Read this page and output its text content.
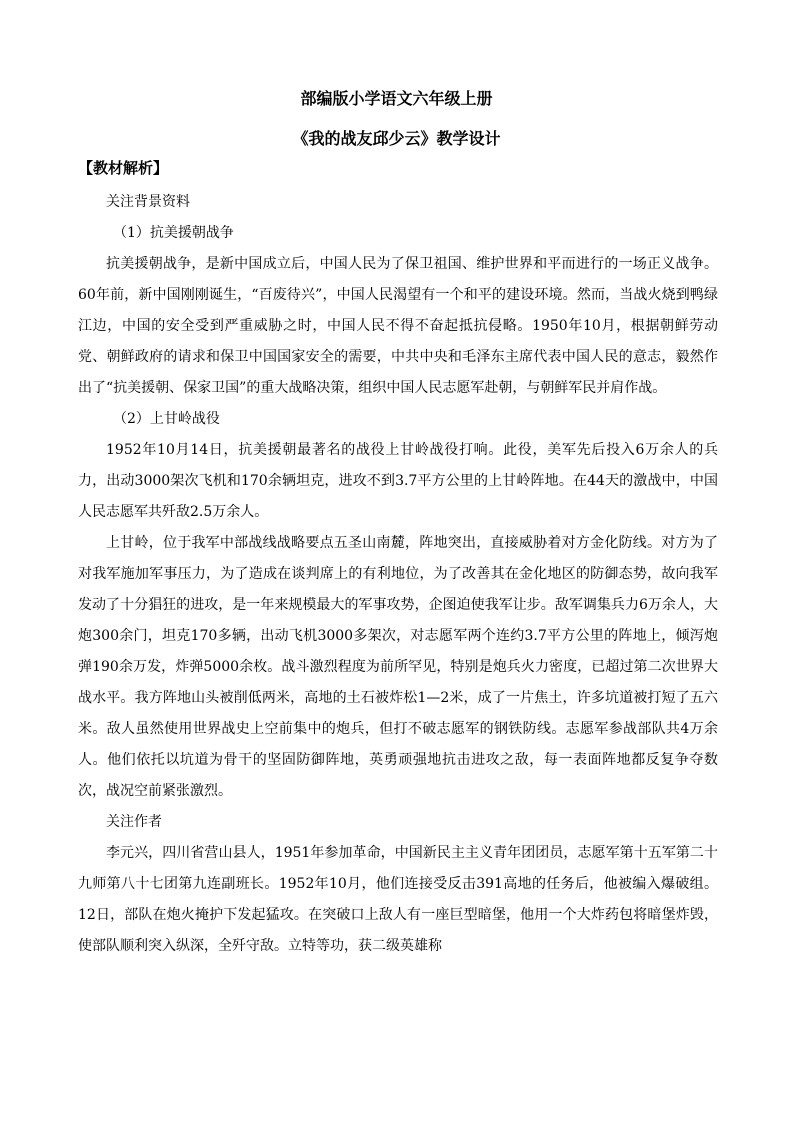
部编版小学语文六年级上册
《我的战友邱少云》教学设计
【教材解析】

关注背景资料

（1）抗美援朝战争

抗美援朝战争，是新中国成立后，中国人民为了保卫祖国、维护世界和平而进行的一场正义战争。60年前，新中国刚刚诞生，“百废待兴”，中国人民渴望有一个和平的建设环境。然而，当战火烧到鸭绿江边，中国的安全受到严重威胁之时，中国人民不得不奋起抵抗侵略。1950年10月，根据朝鲜劳动党、朝鲜政府的请求和保卫中国国家安全的需要，中共中央和毛泽东主席代表中国人民的意志，毅然作出了“抗美援朝、保家卫国”的重大战略决策，组织中国人民志愿军赴朝，与朝鲜军民并肩作战。

（2）上甘岭战役

1952年10月14日，抗美援朝最著名的战役上甘岭战役打响。此役，美军先后投入6万余人的兵力，出动3000架次飞机和170余辆坦克，进攻不到3.7平方公里的上甘岭阵地。在44天的激战中，中国人民志愿军共歼敌2.5万余人。

上甘岭，位于我军中部战线战略要点五圣山南麓，阵地突出，直接威胁着对方金化防线。对方为了对我军施加军事压力，为了造成在谈判席上的有利地位，为了改善其在金化地区的防御态势，故向我军发动了十分猖狂的进攻，是一年来规模最大的军事攻势，企图迫使我军让步。敌军调集兵力6万余人，大炮300余门，坦克170多辆，出动飞机3000多架次，对志愿军两个连约3.7平方公里的阵地上，倾泻炮弹190余万发，炸弹5000余枚。战斗激烈程度为前所罕见，特别是炮兵火力密度，已超过第二次世界大战水平。我方阵地山头被削低两米，高地的土石被炸松1—2米，成了一片焦土，许多坑道被打短了五六米。敌人虽然使用世界战史上空前集中的炮兵，但打不破志愿军的钢铁防线。志愿军参战部队共4万余人。他们依托以坑道为骨干的坚固防御阵地，英勇顽强地抗击进攻之敌，每一表面阵地都反复争夺数次，战况空前紧张激烈。

关注作者

李元兴，四川省营山县人，1951年参加革命，中国新民主主义青年团团员，志愿军第十五军第二十九师第八十七团第九连副班长。1952年10月，他们连接受反击391高地的任务后，他被编入爆破组。12日，部队在炮火掩护下发起猛攻。在突破口上敌人有一座巨型暗堡，他用一个大炸药包将暗堡炸毁，使部队顺利突入纵深，全歼守敌。立特等功，获二级英雄称
